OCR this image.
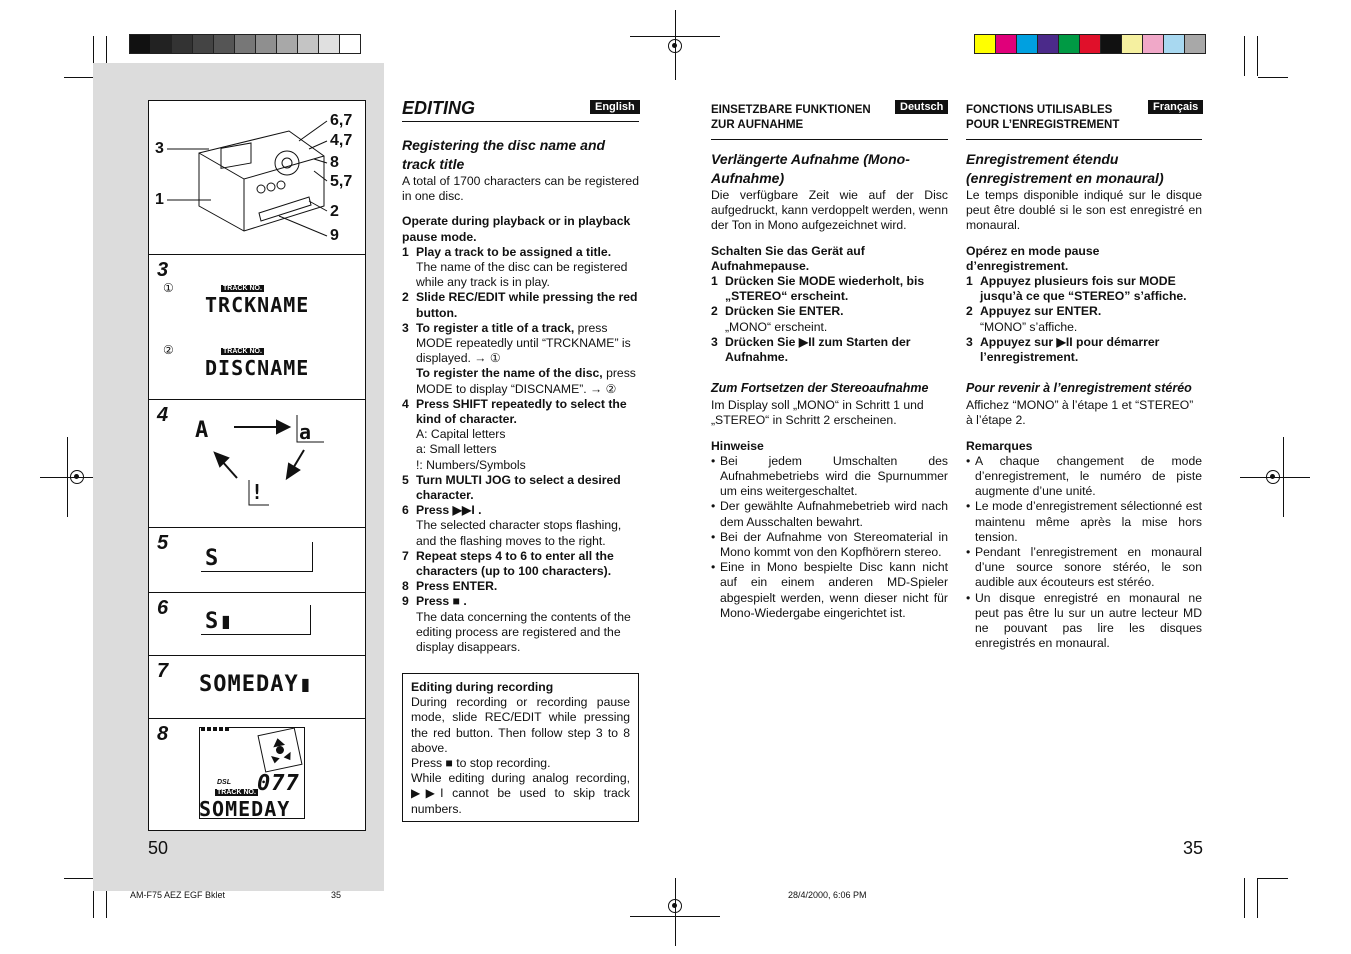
3
1
6,7
4,7
8
5,7
2
9
3
①	TRACK NO.
TRCKNAME
②	TRACK NO.
DISCNAME
4
A	a
!
5
S
6
S▮
7
SOMEDAY▮
8
DSL
TRACK NO. 077
SOMEDAY
EDITING
Registering the disc name and track title

A total of 1700 characters can be registered in one disc.

Operate during playback or in playback pause mode.

1 Play a track to be assigned a title.
The name of the disc can be registered while any track is in play.
2 Slide REC/EDIT while pressing the red button.
3 To register a title of a track, press MODE repeatedly until “TRCKNAME” is displayed. → ①
To register the name of the disc, press MODE to display “DISCNAME”. → ②
4 Press SHIFT repeatedly to select the kind of character.
A: Capital letters
a: Small letters
!: Numbers/Symbols
5 Turn MULTI JOG to select a desired character.
6 Press ▶▶I .
The selected character stops flashing, and the flashing moves to the right.
7 Repeat steps 4 to 6 to enter all the characters (up to 100 characters).
8 Press ENTER.
9 Press ■ .
The data concerning the contents of the editing process are registered and the display disappears.
English

Editing during recording

During recording or recording pause mode, slide REC/EDIT while pressing the red button. Then follow step 3 to 8 above.

Press ■ to stop recording.

While editing during analog recording, ▶▶I cannot be used to skip track numbers.

EINSETZBARE FUNKTIONEN ZUR AUFNAHME
Verlängerte Aufnahme (Mono-Aufnahme)

Die verfügbare Zeit wie auf der Disc aufgedruckt, kann verdoppelt werden, wenn der Ton in Mono aufgezeichnet wird.

Schalten Sie das Gerät auf Aufnahmepause.

1 Drücken Sie MODE wiederholt, bis „STEREO“ erscheint.
2 Drücken Sie ENTER.
„MONO“ erscheint.
3 Drücken Sie ▶II zum Starten der Aufnahme.
Zum Fortsetzen der Stereoaufnahme

Im Display soll „MONO“ in Schritt 1 und „STEREO“ in Schritt 2 erscheinen.

Hinweise

• Bei jedem Umschalten des Aufnahmebetriebs wird die Spurnummer um eins weitergeschaltet.
• Der gewählte Aufnahmebetrieb wird nach dem Ausschalten bewahrt.
• Bei der Aufnahme von Stereomaterial in Mono kommt von den Kopfhörern stereo.
• Eine in Mono bespielte Disc kann nicht auf ein einem anderen MD-Spieler abgespielt werden, wenn dieser nicht für Mono-Wiedergabe eingerichtet ist.
Deutsch	FONCTIONS UTILISABLES POUR L’ENREGISTREMENT
Enregistrement étendu (enregistrement en monaural)

Le temps disponible indiqué sur le disque peut être doublé si le son est enregistré en monaural.

Opérez en mode pause d’enregistrement.

1 Appuyez plusieurs fois sur MODE jusqu’à ce que “STEREO” s’affiche.
2 Appuyez sur ENTER.
“MONO” s’affiche.
3 Appuyez sur ▶II pour démarrer l’enregistrement.
Pour revenir à l’enregistrement stéréo

Affichez “MONO” à l’étape 1 et “STEREO” à l’étape 2.

Remarques

• A chaque changement de mode d’enregistrement, le numéro de piste augmente d’une unité.
• Le mode d’enregistrement sélectionné est maintenu même après la mise hors tension.
• Pendant l’enregistrement en monaural d’une source sonore stéréo, le son audible aux écouteurs est stéréo.
• Un disque enregistré en monaural ne peut pas être lu sur un autre lecteur MD ne pouvant pas lire les disques enregistrés en monaural.
Français
50	35
AM-F75 AEZ EGF Bklet	35	28/4/2000, 6:06 PM
